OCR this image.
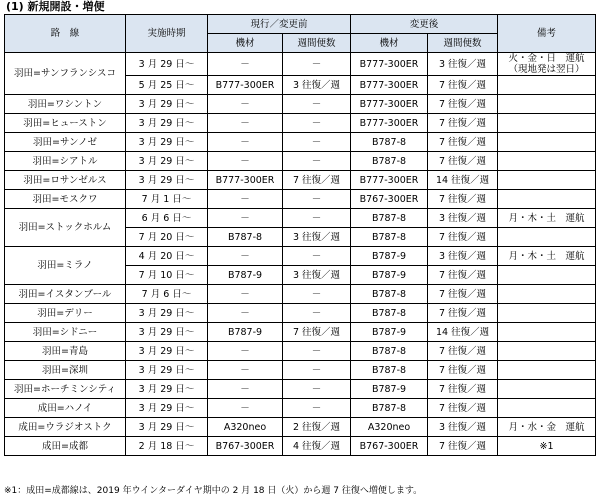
(1) 新規開設・増便
路　線	実施時期	現行／変更前		変更後		備考
		機材	週間便数	機材	週間便数	
羽田=サンフランシスコ	3 月 29 日～	－	－	B777-300ER	3 往復／週	火・金・日　運航
（現地発は翌日）
	5 月 25 日～	B777-300ER	3 往復／週	B777-300ER	7 往復／週	
羽田=ワシントン	3 月 29 日～	－	－	B777-300ER	7 往復／週	
羽田=ヒューストン	3 月 29 日～	－	－	B777-300ER	7 往復／週	
羽田=サンノゼ	3 月 29 日～	－	－	B787-8	7 往復／週	
羽田=シアトル	3 月 29 日～	－	－	B787-8	7 往復／週	
羽田=ロサンゼルス	3 月 29 日～	B777-300ER	7 往復／週	B777-300ER	14 往復／週	
羽田=モスクワ	7 月 1 日～	－	－	B767-300ER	7 往復／週	
羽田=ストックホルム	6 月 6 日～	－	－	B787-8	3 往復／週	月・木・土　運航
	7 月 20 日～	B787-8	3 往復／週	B787-8	7 往復／週	
羽田=ミラノ	4 月 20 日～	－	－	B787-9	3 往復／週	月・木・土　運航
	7 月 10 日～	B787-9	3 往復／週	B787-9	7 往復／週	
羽田=イスタンブール	7 月 6 日～	－	－	B787-8	7 往復／週	
羽田=デリー	3 月 29 日～	－	－	B787-8	7 往復／週	
羽田=シドニー	3 月 29 日～	B787-9	7 往復／週	B787-9	14 往復／週	
羽田=青島	3 月 29 日～	－	－	B787-8	7 往復／週	
羽田=深圳	3 月 29 日～	－	－	B787-8	7 往復／週	
羽田=ホーチミンシティ	3 月 29 日～	－	－	B787-9	7 往復／週	
成田=ハノイ	3 月 29 日～	－	－	B787-8	7 往復／週	
成田=ウラジオストク	3 月 29 日～	A320neo	2 往復／週	A320neo	3 往復／週	月・水・金　運航
成田=成都	2 月 18 日～	B767-300ER	4 往復／週	B767-300ER	7 往復／週	※1
※1：成田=成都線は、2019 年ウインターダイヤ期中の 2 月 18 日（火）から週 7 往復へ増便します。
